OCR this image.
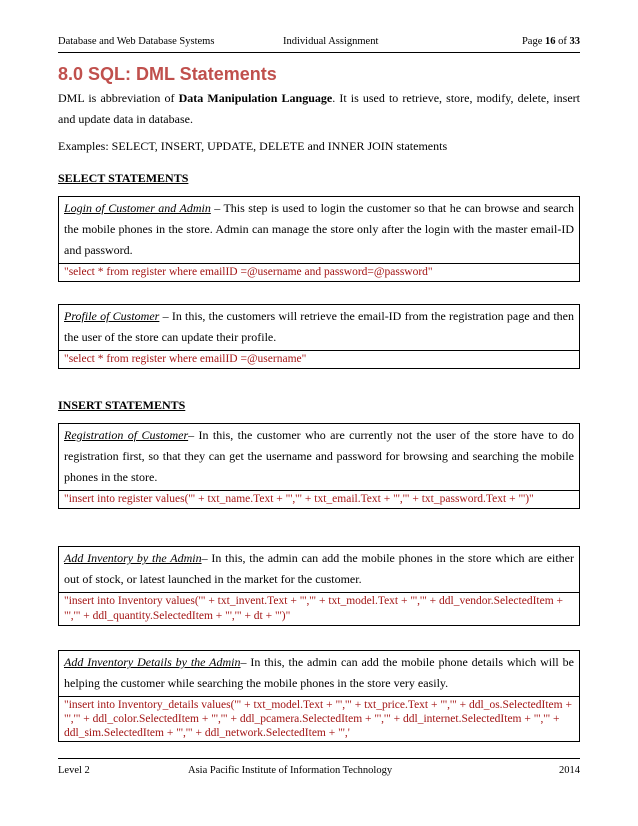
Database and Web Database Systems	Individual Assignment	Page 16 of 33
8.0 SQL: DML Statements
DML is abbreviation of Data Manipulation Language. It is used to retrieve, store, modify, delete, insert and update data in database.
Examples: SELECT, INSERT, UPDATE, DELETE and INNER JOIN statements
SELECT STATEMENTS
Login of Customer and Admin – This step is used to login the customer so that he can browse and search the mobile phones in the store. Admin can manage the store only after the login with the master email-ID and password.
"select * from register where emailID =@username and password=@password"
Profile of Customer – In this, the customers will retrieve the email-ID from the registration page and then the user of the store can update their profile.
"select * from register where emailID =@username"
INSERT STATEMENTS
Registration of Customer– In this, the customer who are currently not the user of the store have to do registration first, so that they can get the username and password for browsing and searching the mobile phones in the store.
"insert into register values('" + txt_name.Text + "','" + txt_email.Text + "','" + txt_password.Text + "')"
Add Inventory by the Admin– In this, the admin can add the mobile phones in the store which are either out of stock, or latest launched in the market for the customer.
"insert into Inventory values('" + txt_invent.Text + "','" + txt_model.Text + "','" + ddl_vendor.SelectedItem + "','" + ddl_quantity.SelectedItem + "','" + dt + "')"
Add Inventory Details by the Admin– In this, the admin can add the mobile phone details which will be helping the customer while searching the mobile phones in the store very easily.
"insert into Inventory_details values('" + txt_model.Text + "','" + txt_price.Text + "','" + ddl_os.SelectedItem + "','" + ddl_color.SelectedItem + "','" + ddl_pcamera.SelectedItem + "','" + ddl_internet.SelectedItem + "','" + ddl_sim.SelectedItem + "','" + ddl_network.SelectedItem + "','
Level 2	Asia Pacific Institute of Information Technology	2014
